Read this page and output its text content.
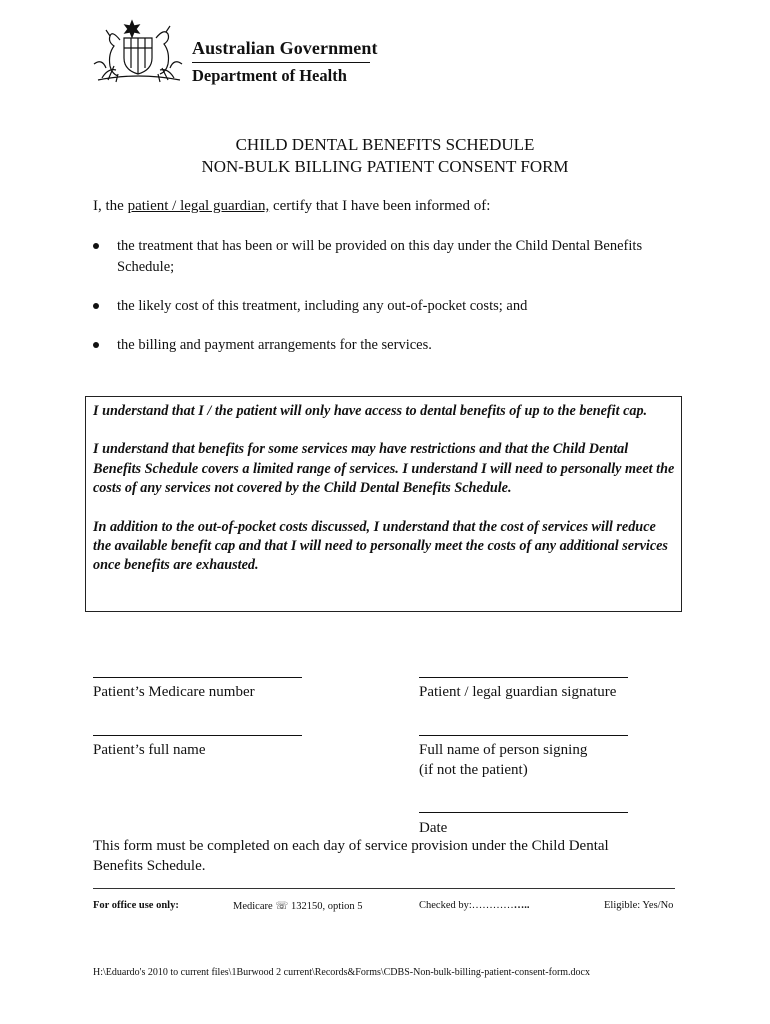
Australian Government
Department of Health
CHILD DENTAL BENEFITS SCHEDULE
NON-BULK BILLING PATIENT CONSENT FORM
I, the patient / legal guardian, certify that I have been informed of:
the treatment that has been or will be provided on this day under the Child Dental Benefits Schedule;
the likely cost of this treatment, including any out-of-pocket costs; and
the billing and payment arrangements for the services.

I understand that I / the patient will only have access to dental benefits of up to the benefit cap.

I understand that benefits for some services may have restrictions and that the Child Dental Benefits Schedule covers a limited range of services. I understand I will need to personally meet the costs of any services not covered by the Child Dental Benefits Schedule.

In addition to the out-of-pocket costs discussed, I understand that the cost of services will reduce the available benefit cap and that I will need to personally meet the costs of any additional services once benefits are exhausted.

Patient’s Medicare number	Patient / legal guardian signature
Patient’s full name	Full name of person signing
(if not the patient)
Date
This form must be completed on each day of service provision under the Child Dental Benefits Schedule.
For office use only:	Medicare ☏ 132150, option 5	Checked by:……………..	Eligible: Yes/No
H:\Eduardo's 2010 to current files\1Burwood 2 current\Records&Forms\CDBS-Non-bulk-billing-patient-consent-form.docx
